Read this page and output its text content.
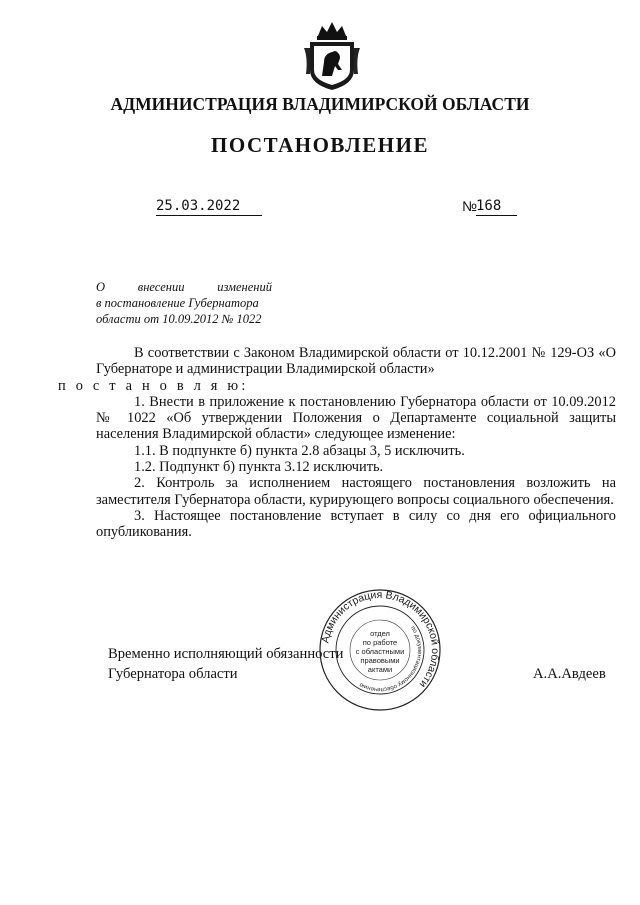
АДМИНИСТРАЦИЯ ВЛАДИМИРСКОЙ ОБЛАСТИ
ПОСТАНОВЛЕНИЕ
25.03.2022	№
168
О	внесении	изменений
в постановление Губернатора
области от 10.09.2012 № 1022

В соответствии с Законом Владимирской области от 10.12.2001 № 129-ОЗ «О Губернаторе и администрации Владимирской области»
п о с т а н о в л я ю:

1. Внести в приложение к постановлению Губернатора области от 10.09.2012 № 1022 «Об утверждении Положения о Департаменте социальной защиты населения Владимирской области» следующее изменение:

1.1. В подпункте б) пункта 2.8 абзацы 3, 5 исключить.

1.2. Подпункт б) пункта 3.12 исключить.

2. Контроль за исполнением настоящего постановления возложить на заместителя Губернатора области, курирующего вопросы социального обеспечения.

3. Настоящее постановление вступает в силу со дня его официального опубликования.

Временно исполняющий обязанности
Губернатора области	А.А.Авдеев
Администрация Владимирской области
по документационному обеспечению
отдел
по работе
с областными
правовыми
актами
